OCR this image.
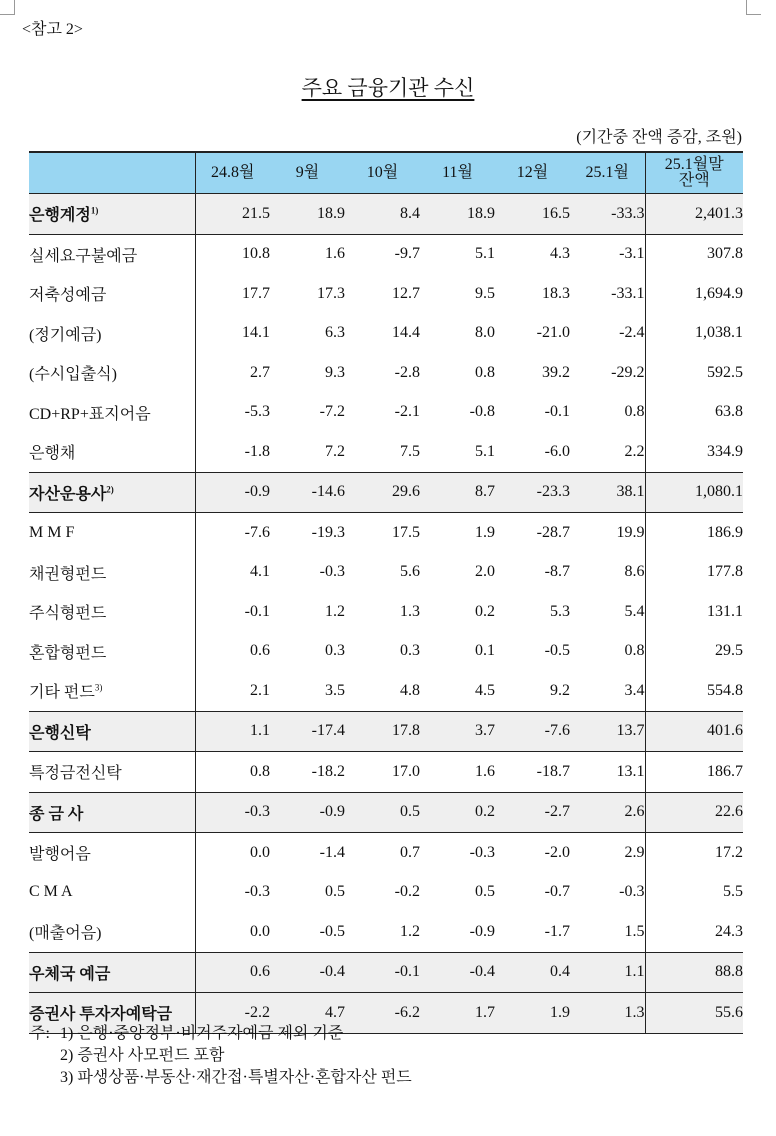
<참고 2>
주요 금융기관 수신
(기간중 잔액 증감, 조원)
	24.8월	9월	10월	11월	12월	25.1월	25.1월말
잔액

은행계정$^{1)}$	21.5	18.9	8.4	18.9	16.5	-33.3	2,401.3
실세요구불예금	10.8	1.6	-9.7	5.1	4.3	-3.1	307.8
저축성예금	17.7	17.3	12.7	9.5	18.3	-33.1	1,694.9
(정기예금)	14.1	6.3	14.4	8.0	-21.0	-2.4	1,038.1
(수시입출식)	2.7	9.3	-2.8	0.8	39.2	-29.2	592.5
CD+RP+표지어음	-5.3	-7.2	-2.1	-0.8	-0.1	0.8	63.8
은행채	-1.8	7.2	7.5	5.1	-6.0	2.2	334.9
자산운용사$^{2)}$	-0.9	-14.6	29.6	8.7	-23.3	38.1	1,080.1
M M F	-7.6	-19.3	17.5	1.9	-28.7	19.9	186.9
채권형펀드	4.1	-0.3	5.6	2.0	-8.7	8.6	177.8
주식형펀드	-0.1	1.2	1.3	0.2	5.3	5.4	131.1
혼합형펀드	0.6	0.3	0.3	0.1	-0.5	0.8	29.5
기타 펀드$^{3)}$	2.1	3.5	4.8	4.5	9.2	3.4	554.8
은행신탁	1.1	-17.4	17.8	3.7	-7.6	13.7	401.6
특정금전신탁	0.8	-18.2	17.0	1.6	-18.7	13.1	186.7
종 금 사	-0.3	-0.9	0.5	0.2	-2.7	2.6	22.6
발행어음	0.0	-1.4	0.7	-0.3	-2.0	2.9	17.2
C M A	-0.3	0.5	-0.2	0.5	-0.7	-0.3	5.5
(매출어음)	0.0	-0.5	1.2	-0.9	-1.7	1.5	24.3
우체국 예금	0.6	-0.4	-0.1	-0.4	0.4	1.1	88.8
증권사 투자자예탁금	-2.2	4.7	-6.2	1.7	1.9	1.3	55.6
주: 1) 은행·중앙정부·비거주자예금 제외 기준
2) 증권사 사모펀드 포함
3) 파생상품·부동산·재간접·특별자산·혼합자산 펀드
